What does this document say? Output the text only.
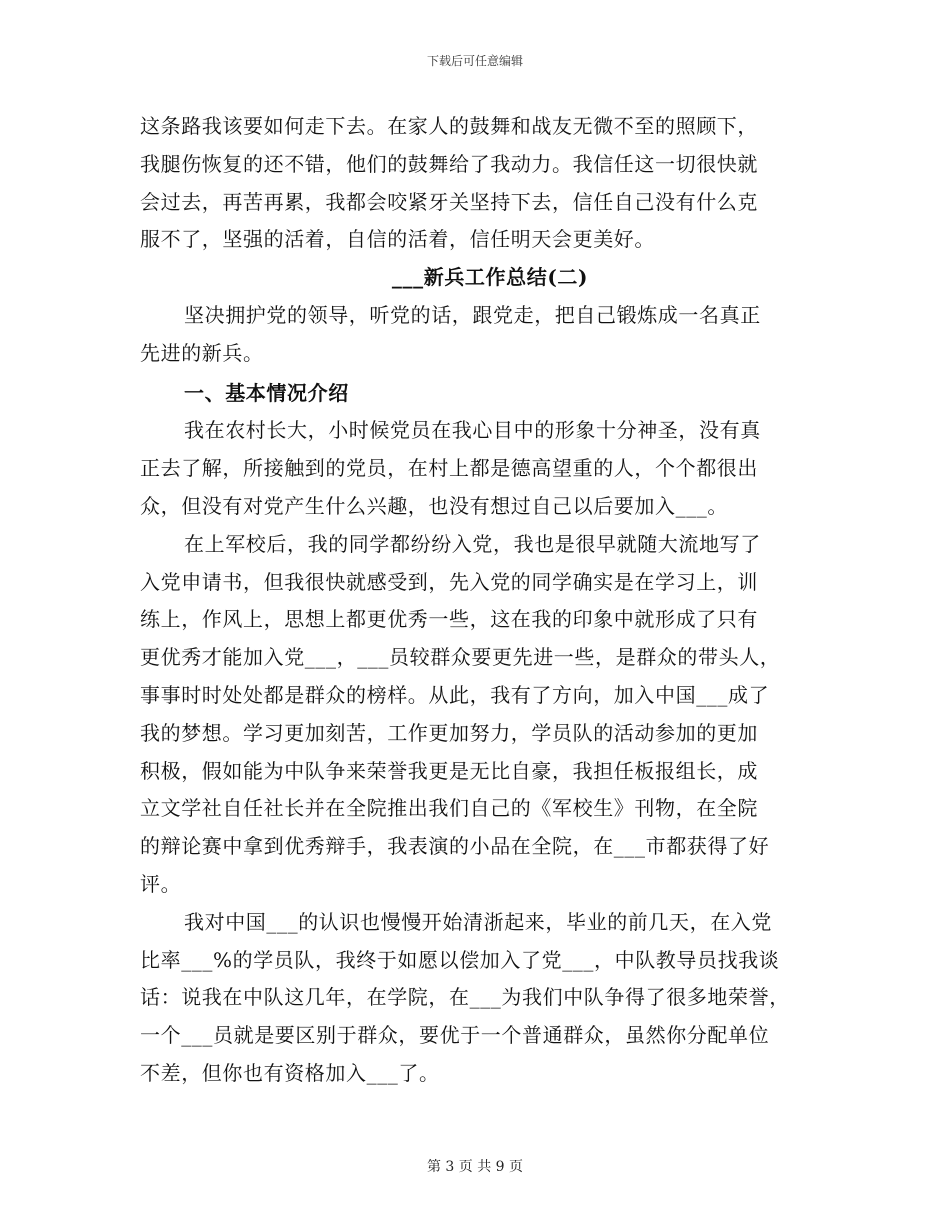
下载后可任意编辑
这条路我该要如何走下去。在家人的鼓舞和战友无微不至的照顾下，
我腿伤恢复的还不错，他们的鼓舞给了我动力。我信任这一切很快就
会过去，再苦再累，我都会咬紧牙关坚持下去，信任自己没有什么克
服不了，坚强的活着，自信的活着，信任明天会更美好。
___新兵工作总结(二)
坚决拥护党的领导，听党的话，跟党走，把自己锻炼成一名真正
先进的新兵。
一、基本情况介绍
我在农村长大，小时候党员在我心目中的形象十分神圣，没有真
正去了解，所接触到的党员，在村上都是德高望重的人，个个都很出
众，但没有对党产生什么兴趣，也没有想过自己以后要加入___。
在上军校后，我的同学都纷纷入党，我也是很早就随大流地写了
入党申请书，但我很快就感受到，先入党的同学确实是在学习上，训
练上，作风上，思想上都更优秀一些，这在我的印象中就形成了只有
更优秀才能加入党___，___员较群众要更先进一些，是群众的带头人，
事事时时处处都是群众的榜样。从此，我有了方向，加入中国___成了
我的梦想。学习更加刻苦，工作更加努力，学员队的活动参加的更加
积极，假如能为中队争来荣誉我更是无比自豪，我担任板报组长，成
立文学社自任社长并在全院推出我们自己的《军校生》刊物，在全院
的辩论赛中拿到优秀辩手，我表演的小品在全院，在___市都获得了好
评。
我对中国___的认识也慢慢开始清浙起来，毕业的前几天，在入党
比率___%的学员队，我终于如愿以偿加入了党___，中队教导员找我谈
话：说我在中队这几年，在学院，在___为我们中队争得了很多地荣誉，
一个___员就是要区别于群众，要优于一个普通群众，虽然你分配单位
不差，但你也有资格加入___了。
第 3 页 共 9 页
